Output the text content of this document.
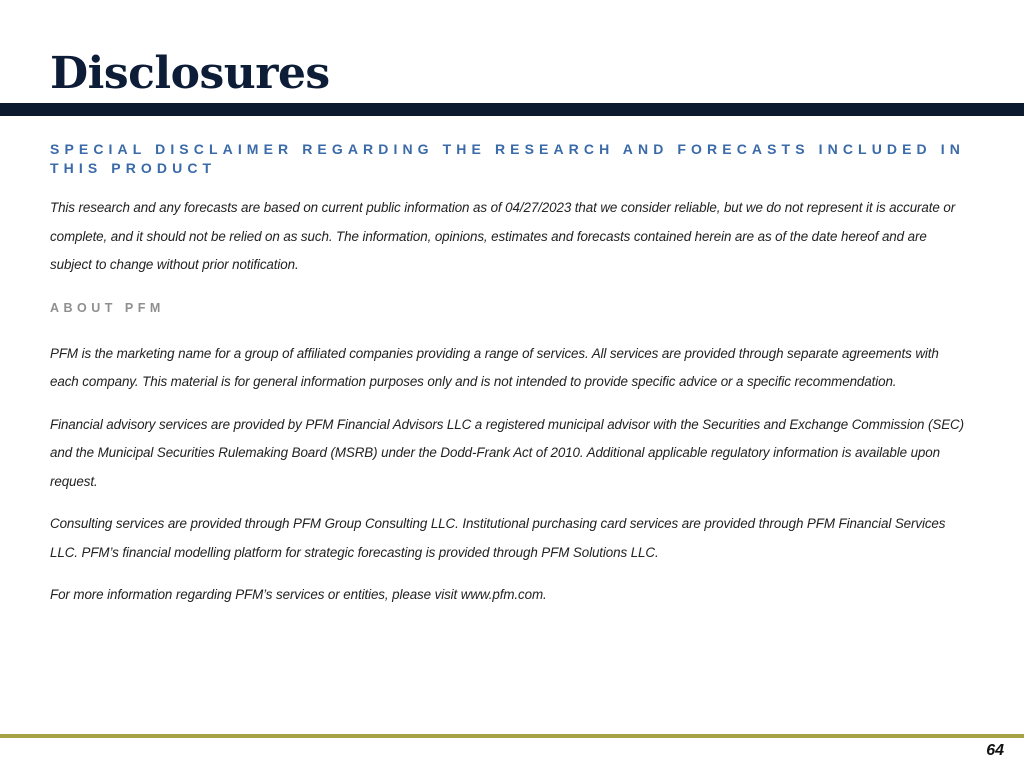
Disclosures
SPECIAL DISCLAIMER REGARDING THE RESEARCH AND FORECASTS INCLUDED IN THIS PRODUCT

This research and any forecasts are based on current public information as of 04/27/2023 that we consider reliable, but we do not represent it is accurate or complete, and it should not be relied on as such. The information, opinions, estimates and forecasts contained herein are as of the date hereof and are subject to change without prior notification.

ABOUT PFM

PFM is the marketing name for a group of affiliated companies providing a range of services. All services are provided through separate agreements with each company. This material is for general information purposes only and is not intended to provide specific advice or a specific recommendation.

Financial advisory services are provided by PFM Financial Advisors LLC a registered municipal advisor with the Securities and Exchange Commission (SEC) and the Municipal Securities Rulemaking Board (MSRB) under the Dodd-Frank Act of 2010. Additional applicable regulatory information is available upon request.

Consulting services are provided through PFM Group Consulting LLC. Institutional purchasing card services are provided through PFM Financial Services LLC. PFM’s financial modelling platform for strategic forecasting is provided through PFM Solutions LLC.

For more information regarding PFM’s services or entities, please visit www.pfm.com.

64
